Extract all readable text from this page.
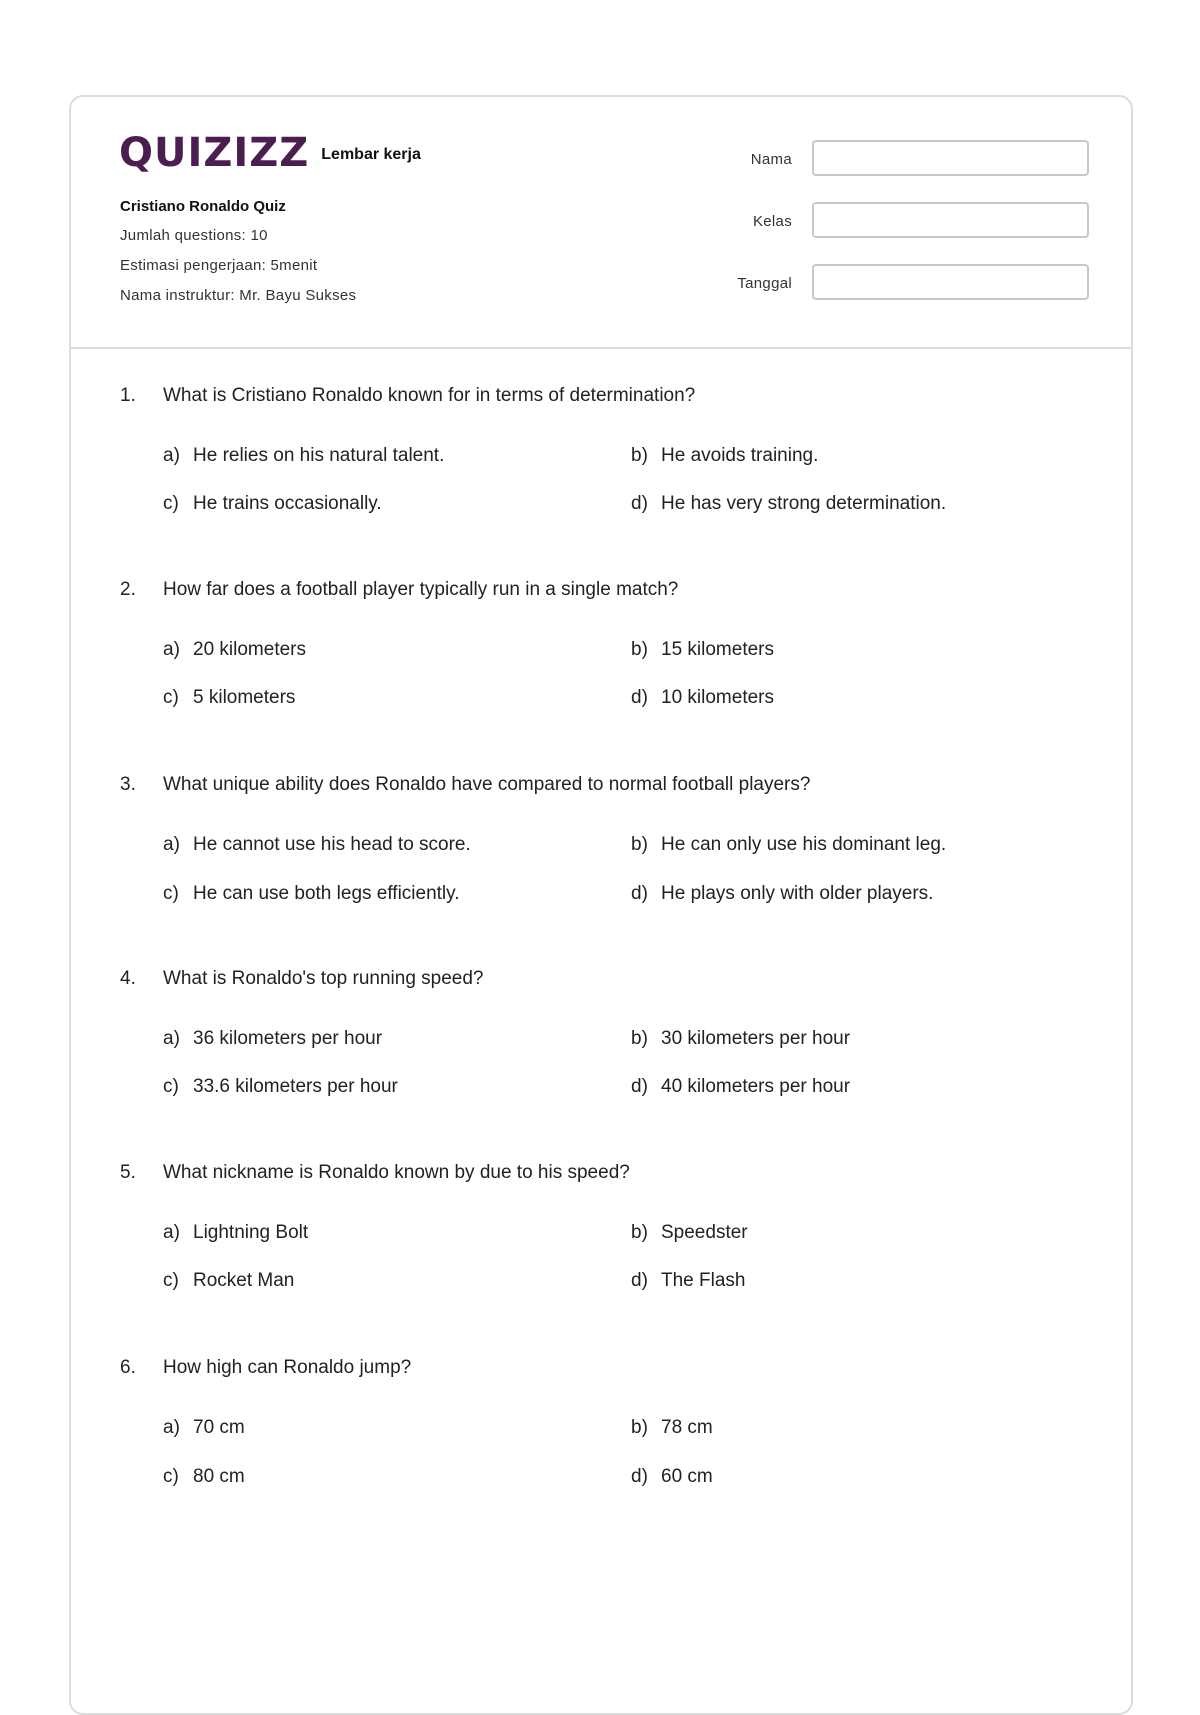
QUIZIZZ Lembar kerja
Cristiano Ronaldo Quiz
Jumlah questions: 10
Estimasi pengerjaan: 5menit
Nama instruktur: Mr. Bayu Sukses
Nama
Kelas
Tanggal
1. What is Cristiano Ronaldo known for in terms of determination?
a) He relies on his natural talent.	b) He avoids training.
c) He trains occasionally.	d) He has very strong determination.
2. How far does a football player typically run in a single match?
a) 20 kilometers	b) 15 kilometers
c) 5 kilometers	d) 10 kilometers
3. What unique ability does Ronaldo have compared to normal football players?
a) He cannot use his head to score.	b) He can only use his dominant leg.
c) He can use both legs efficiently.	d) He plays only with older players.
4. What is Ronaldo's top running speed?
a) 36 kilometers per hour	b) 30 kilometers per hour
c) 33.6 kilometers per hour	d) 40 kilometers per hour
5. What nickname is Ronaldo known by due to his speed?
a) Lightning Bolt	b) Speedster
c) Rocket Man	d) The Flash
6. How high can Ronaldo jump?
a) 70 cm	b) 78 cm
c) 80 cm	d) 60 cm
